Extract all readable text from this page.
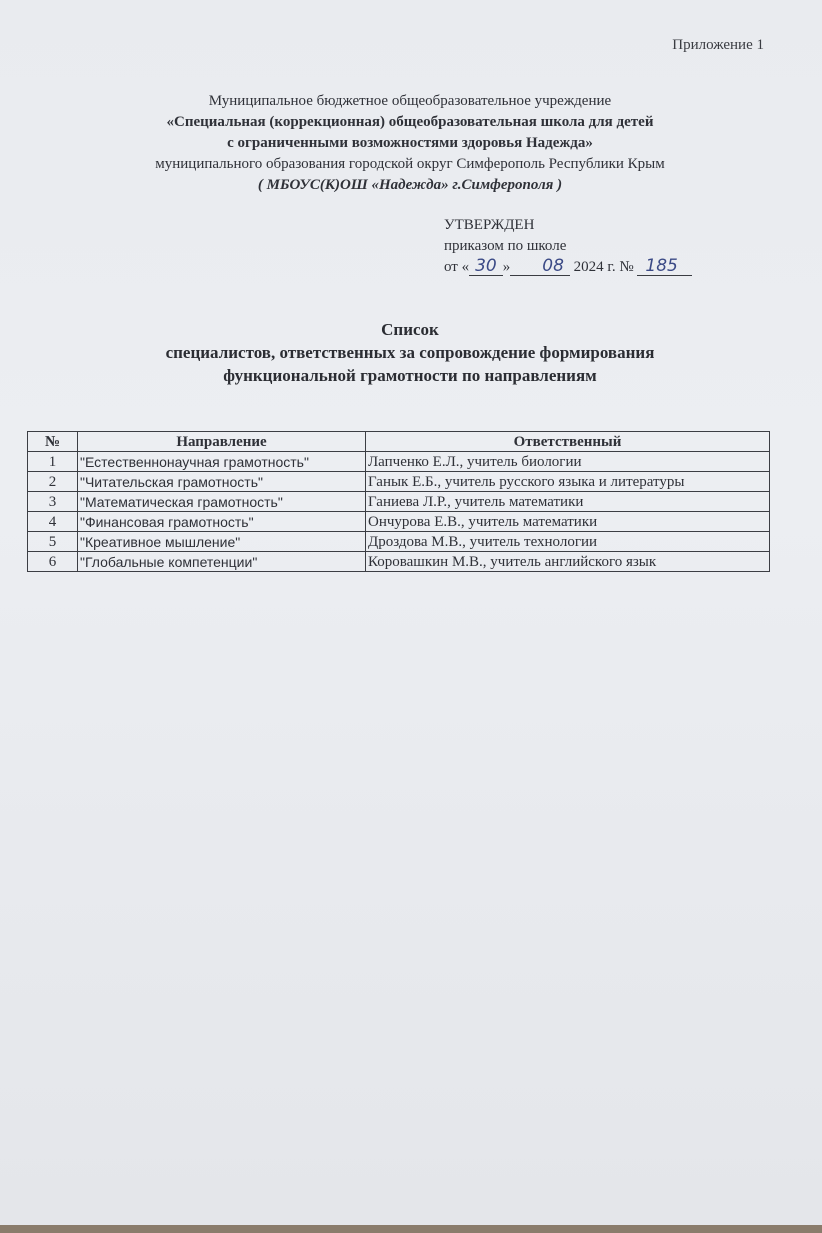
Приложение 1
Муниципальное бюджетное общеобразовательное учреждение
«Специальная (коррекционная) общеобразовательная школа для детей
с ограниченными возможностями здоровья Надежда»
муниципального образования городской округ Симферополь Республики Крым
( МБОУС(К)ОШ «Надежда» г.Симферополя )
УТВЕРЖДЕН
приказом по школе
от « 30 » 08 2024 г. № 185
Список
специалистов, ответственных за сопровождение формирования
функциональной грамотности по направлениям
№	Направление	Ответственный
1	"Естественнонаучная грамотность"	Лапченко Е.Л., учитель биологии
2	"Читательская грамотность"	Ганык Е.Б., учитель русского языка и литературы
3	"Математическая грамотность"	Ганиева Л.Р., учитель математики
4	"Финансовая грамотность"	Ончурова Е.В., учитель математики
5	"Креативное мышление"	Дроздова М.В., учитель технологии
6	"Глобальные компетенции"	Коровашкин М.В., учитель английского язык
